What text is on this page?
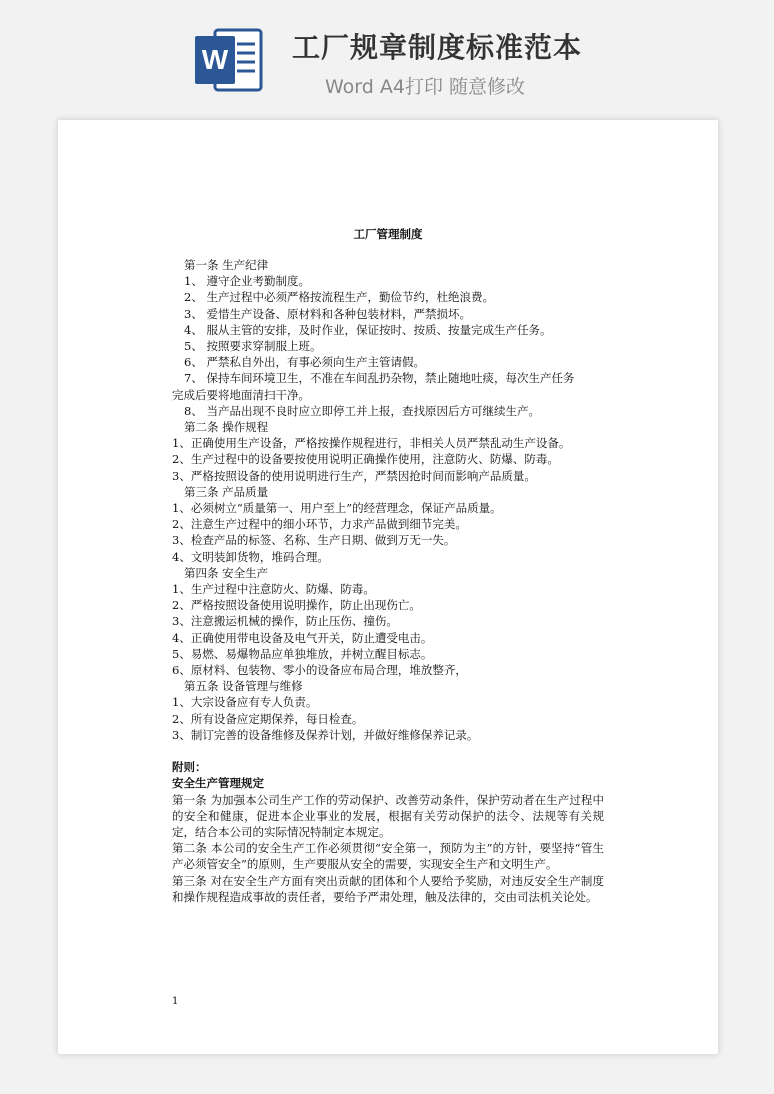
W 工厂规章制度标准范本
Word A4打印 随意修改
工厂管理制度
第一条 生产纪律
1、 遵守企业考勤制度。
2、 生产过程中必须严格按流程生产，勤俭节约，杜绝浪费。
3、 爱惜生产设备、原材料和各种包装材料，严禁损坏。
4、 服从主管的安排，及时作业，保证按时、按质、按量完成生产任务。
5、 按照要求穿制服上班。
6、 严禁私自外出，有事必须向生产主管请假。
7、 保持车间环境卫生，不准在车间乱扔杂物，禁止随地吐痰，每次生产任务
完成后要将地面清扫干净。
8、 当产品出现不良时应立即停工并上报，查找原因后方可继续生产。
第二条 操作规程
1、正确使用生产设备，严格按操作规程进行，非相关人员严禁乱动生产设备。
2、生产过程中的设备要按使用说明正确操作使用，注意防火、防爆、防毒。
3、严格按照设备的使用说明进行生产，严禁因抢时间而影响产品质量。
第三条 产品质量
1、必须树立“质量第一、用户至上”的经营理念，保证产品质量。
2、注意生产过程中的细小环节，力求产品做到细节完美。
3、检查产品的标签、名称、生产日期、做到万无一失。
4、文明装卸货物，堆码合理。
第四条 安全生产
1、生产过程中注意防火、防爆、防毒。
2、严格按照设备使用说明操作，防止出现伤亡。
3、注意搬运机械的操作，防止压伤、撞伤。
4、正确使用带电设备及电气开关，防止遭受电击。
5、易燃、易爆物品应单独堆放，并树立醒目标志。
6、原材料、包装物、零小的设备应布局合理，堆放整齐，
第五条 设备管理与维修
1、大宗设备应有专人负责。
2、所有设备应定期保养，每日检查。
3、制订完善的设备维修及保养计划，并做好维修保养记录。
附则：
安全生产管理规定
第一条 为加强本公司生产工作的劳动保护、改善劳动条件，保护劳动者在生产过程中的安全和健康，促进本企业事业的发展，根据有关劳动保护的法令、法规等有关规定，结合本公司的实际情况特制定本规定。
第二条 本公司的安全生产工作必须贯彻“安全第一，预防为主”的方针，要坚持“管生产必须管安全”的原则，生产要服从安全的需要，实现安全生产和文明生产。
第三条 对在安全生产方面有突出贡献的团体和个人要给予奖励，对违反安全生产制度和操作规程造成事故的责任者，要给予严肃处理，触及法律的，交由司法机关论处。
1
